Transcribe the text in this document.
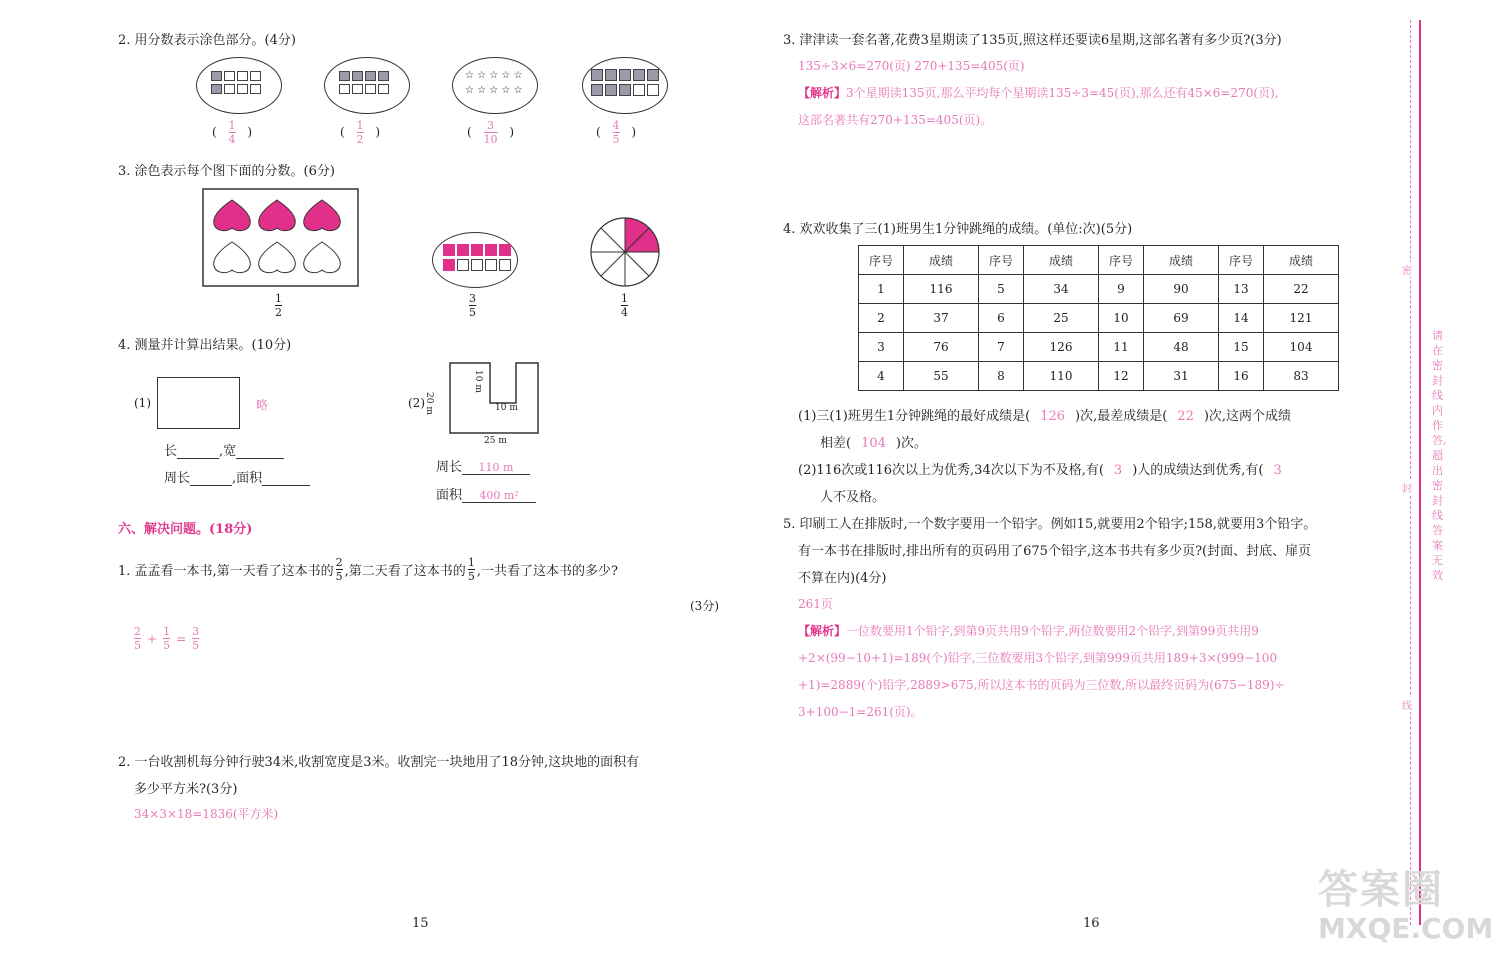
2. 用分数表示涂色部分。(4分)

☆ ☆ ☆ ☆ ☆
☆ ☆ ☆ ☆ ☆

( $\frac{1}{4}$ )	( $\frac{1}{2}$ )	( $\frac{3}{10}$ )	( $\frac{4}{5}$ )
3. 涂色表示每个图下面的分数。(6分)

1
2
3
5
1
4
4. 测量并计算出结果。(10分)
(1)	略
长	,宽
周长	,面积
(2) 20 m
10 m
10 m
25 m
周长 110 m
面积 400 m²
六、解决问题。(18分)
1. 孟孟看一本书,第一天看了这本书的 $\frac{2}{5}$ ,第二天看了这本书的 $\frac{1}{5}$ ,一共看了这本书的多少?
(3分)
$\frac{2}{5} + \frac{1}{5} = \frac{3}{5}$
2. 一台收割机每分钟行驶34米,收割宽度是3米。收割完一块地用了18分钟,这块地的面积有
多少平方米?(3分)
34×3×18=1836(平方米)
15
3. 津津读一套名著,花费3星期读了135页,照这样还要读6星期,这部名著有多少页?(3分)
135÷3×6=270(页) 270+135=405(页)
【解析】3个星期读135页,那么平均每个星期读135÷3=45(页),那么还有45×6=270(页),
这部名著共有270+135=405(页)。
4. 欢欢收集了三(1)班男生1分钟跳绳的成绩。(单位:次)(5分)
序号	成绩	序号	成绩	序号	成绩	序号	成绩
1	116	5	34	9	90	13	22
2	37	6	25	10	69	14	121
3	76	7	126	11	48	15	104
4	55	8	110	12	31	16	83
(1)三(1)班男生1分钟跳绳的最好成绩是( 126 )次,最差成绩是( 22 )次,这两个成绩
相差( 104 )次。
(2)116次或116次以上为优秀,34次以下为不及格,有( 3 )人的成绩达到优秀,有( 3
人不及格。
5. 印刷工人在排版时,一个数字要用一个铅字。例如15,就要用2个铅字;158,就要用3个铅字。
有一本书在排版时,排出所有的页码用了675个铅字,这本书共有多少页?(封面、封底、扉页
不算在内)(4分)
261页
【解析】一位数要用1个铅字,到第9页共用9个铅字,两位数要用2个铅字,到第99页共用9
+2×(99−10+1)=189(个)铅字,三位数要用3个铅字,到第999页共用189+3×(999−100
+1)=2889(个)铅字,2889>675,所以这本书的页码为三位数,所以最终页码为(675−189)÷
3+100−1=261(页)。
16
密
封
线
请在密封线内作答,超出密封线答案无效
答案圈
MXQE.COM
